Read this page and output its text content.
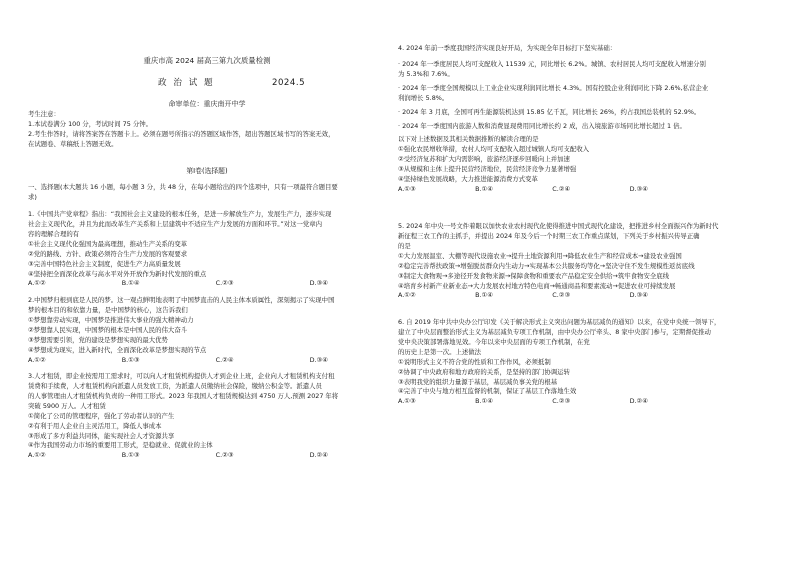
重庆市高 2024 届高三第九次质量检测
政 治 试 题	2024.5
命审单位：重庆南开中学
考生注意：
1.本试卷满分 100 分，考试时间 75 分钟。
2.考生作答时，请将答案答在答题卡上。必须在题号所指示的答题区域作答，超出答题区域书写的答案无效，
在试题卷、草稿纸上答题无效。
第Ⅰ卷(选择题)
一、选择题(本大题共 16 小题，每小题 3 分，共 48 分，在每小题给出的四个选项中，只有一项最符合题目要
求)
1.《中国共产党章程》指出：“我国社会主义建设的根本任务，是进一步解放生产力，发展生产力，逐步实现
社会主义现代化，并且为此而改革生产关系和上层建筑中不适应生产力发展的方面和环节。”对这一党章内
容的理解合理的有
①社会主义现代化强国为最高理想，推动生产关系的变革
②党的路线、方针、政策必须符合生产力发展的客观要求
③完善中国特色社会主义制度，促进生产力高质量发展
④坚持把全面深化改革与高水平对外开放作为新时代发展的重点
A.①②	B.①④	C.②③	D.③④
2.中国梦归根到底是人民的梦。这一观点鲜明地表明了中国梦直击的人民主体本质属性，深刻揭示了实现中国
梦的根本目的和依靠力量，是中国梦的核心，这告诉我们
①梦想靠劳动实现，中国梦是推进伟大事业的强大精神动力
②梦想靠人民实现，中国梦的根本是中国人民的伟大奋斗
③梦想需要引领，党的建设是梦想实现的最大优势
④梦想成为现实，进入新时代，全面深化改革是梦想实现的节点
A.①②	B.①③	C.②④	D.③④
3.人才租赁，即企业按需用工需求时，可以向人才租赁机构提供人才到企业上班，企业向人才租赁机构支付租
赁费和手续费，人才租赁机构向派遣人员发放工资，为派遣人员缴纳社会保险，缴纳公积金等。派遣人员
的人事管理由人才租赁机构负责的一种用工形式。2023 年我国人才租赁规模达到 4750 万人,预测 2027 年将
突破 5900 万人。人才租赁
①简化了公司的管理程序，强化了劳动者认识的产生
②有利于用人企业自主灵活用工，降低人事成本
③形成了多方利益共同体，能实现社会人才资源共享
④作为我国劳动力市场的重要用工形式，是稳就业、促就业的主体
A.①②	B.①③	C.②③	D.②④
4. 2024 年前一季度我国经济实现良好开局，为实现全年目标打下坚实基础：
· 2024 年一季度居民人均可支配收入 11539 元，同比增长 6.2%。城镇、农村居民人均可支配收入增速分别
为 5.3%和 7.6%。
· 2024 年一季度全国规模以上工业企业实现利润同比增长 4.3%。国有控股企业利润同比下降 2.6%,私营企业
利润增长 5.8%。
· 2024 年 3 月底，全国可再生能源装机达到 15.85 亿千瓦，同比增长 26%，约占我国总装机的 52.9%。
· 2024 年一季度国内旅游人数和消费显现费用同比增长约 2 成，出入境旅游市场同比增长超过 1 倍。
以下对上述数据及其相关数据推断的解读合理的是
①强化农民增收举措，农村人均可支配收入超过城镇人均可支配收入
②受经济复苏和扩大内需影响，旅游经济逐步回暖向上并加速
③从规模和主体上提升民营经济地位，民营经济竞争力显著增强
④坚持绿色发展战略，大力推进能源消费方式变革
A.①③	B.①④	C.②④	D.③④
5. 2024 年中央一号文件着眼以加快农业农村现代化使得推进中国式现代化建设，把推进乡村全面振兴作为新时代
新征程三农工作的主抓手，并提出 2024 年及今后一个时期三农工作重点谋划，下列关于乡村振兴传导正确
的是
①大力发展温室、大棚等现代设施农业→提升土地资源利用→降低农业生产和经营成本→建设农业强国
②稳定完善帮扶政策→增强脱贫群众内生动力→实现基本公共服务均等化→坚决守住不发生规模性返贫底线
③制定大食物观→多途径开发食物来源→保障食物和重要农产品稳定安全供给→筑牢食物安全底线
④培育乡村新产业新业态→大力发展农村地方特色电商→畅通商品和要素流动→促进农业可持续发展
A.①②	B.①④	C.②③	D.③④
6. 自 2019 年中共中央办公厅印发《关于解决形式主义突出问题为基层减负的通知》以来，在党中央统一领导下，
建立了中央层面整治形式主义为基层减负专项工作机制，由中央办公厅牵头、8 家中央部门参与，定期督促推动
党中央决策部署落地见效。今年以来中央层面的专项工作机制，在党
的历史上是第一次。上述做法
①说明形式主义不符合党的性质和工作作风，必须抵制
②协调了中央政府和地方政府的关系，是坚持的部门协调运转
③表明我党的组织力量源于基层，基层减负事关党的根基
④完善了中央与地方相互监督的机制，保证了基层工作落地生效
A.①③	B.①④	C.②③	D.②④
